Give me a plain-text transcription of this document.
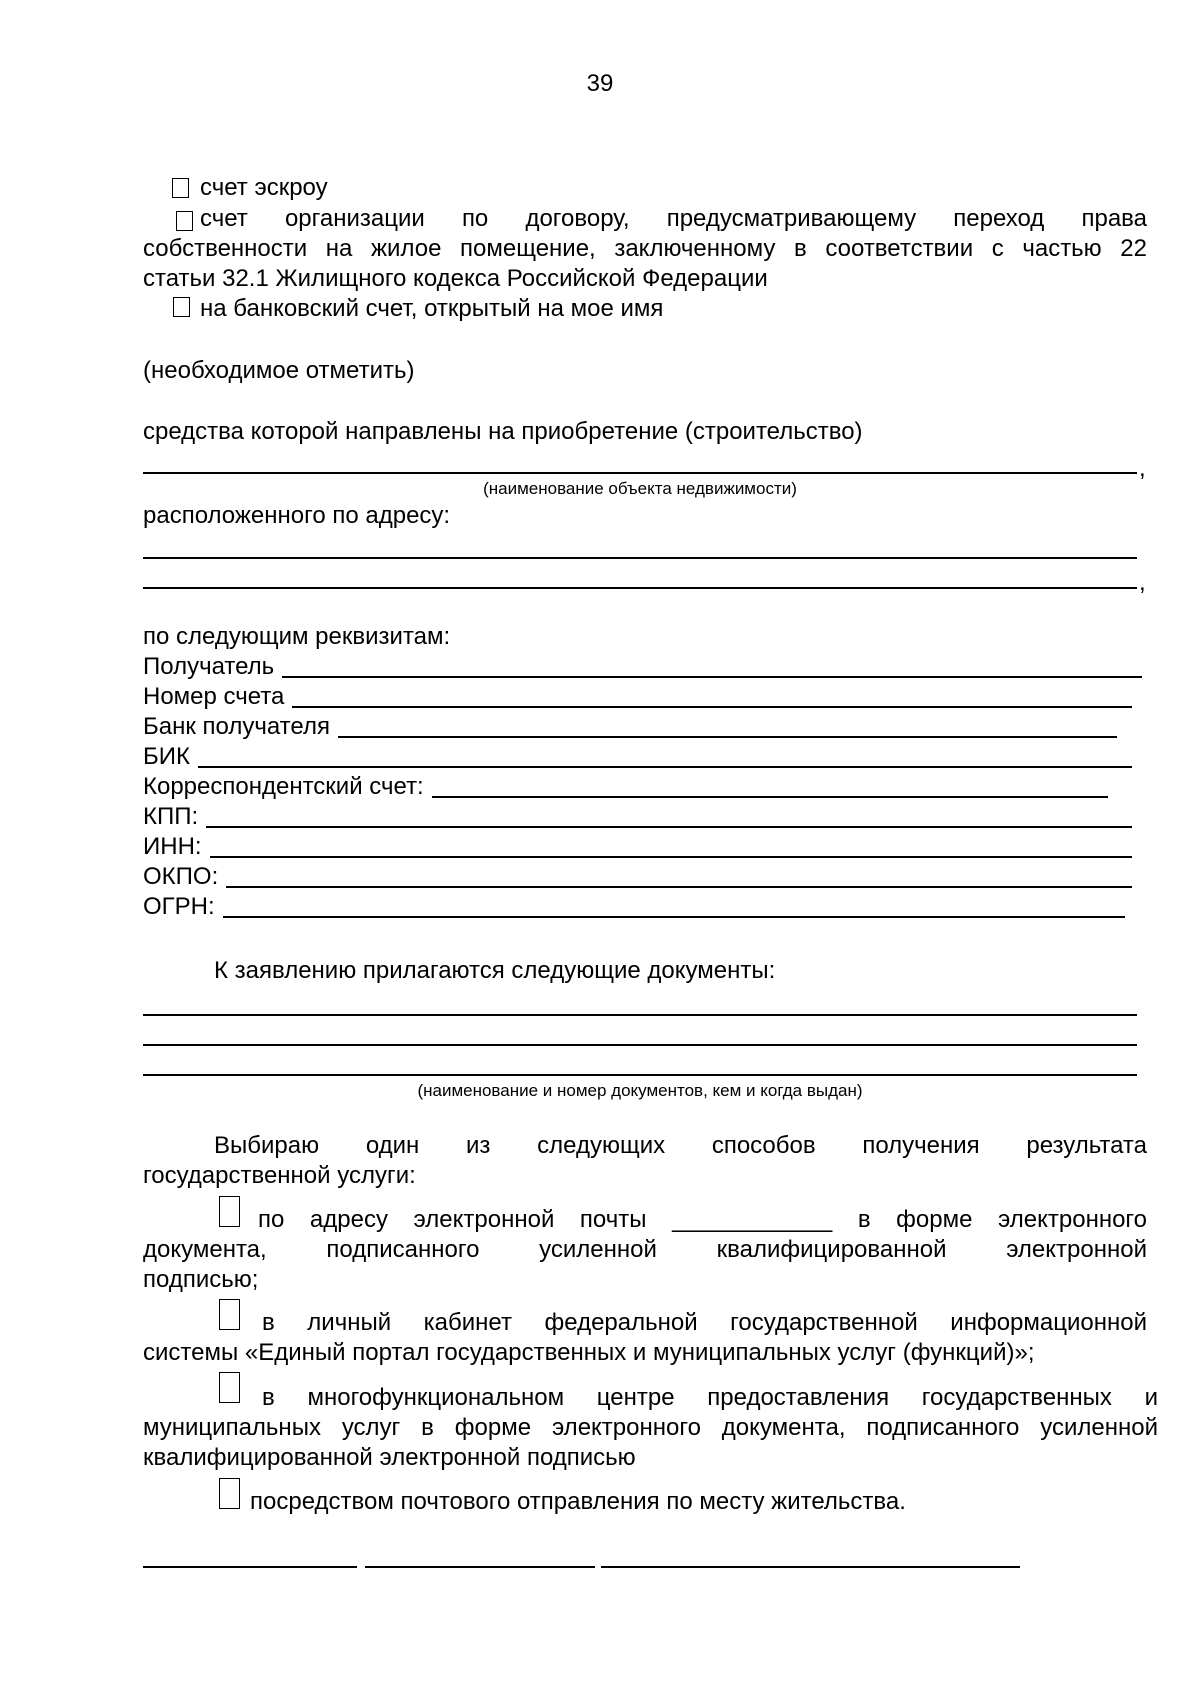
39
счет эскроу
счет организации по договору, предусматривающему переход права
собственности на жилое помещение, заключенному в соответствии с частью 22
статьи 32.1 Жилищного кодекса Российской Федерации
на банковский счет, открытый на мое имя
(необходимое отметить)
средства которой направлены на приобретение (строительство)
,
(наименование объекта недвижимости)
расположенного по адресу:
,
по следующим реквизитам:
Получатель
Номер счета
Банк получателя
БИК
Корреспондентский счет:
КПП:
ИНН:
ОКПО:
ОГРН:
К заявлению прилагаются следующие документы:
(наименование и номер документов, кем и когда выдан)
Выбираю один из следующих способов получения результата
государственной услуги:
по адресу электронной почты ____________ в форме электронного
документа, подписанного усиленной квалифицированной электронной
подписью;
в личный кабинет федеральной государственной информационной
системы «Единый портал государственных и муниципальных услуг (функций)»;
в многофункциональном центре предоставления государственных и
муниципальных услуг в форме электронного документа, подписанного усиленной
квалифицированной электронной подписью
посредством почтового отправления по месту жительства.
